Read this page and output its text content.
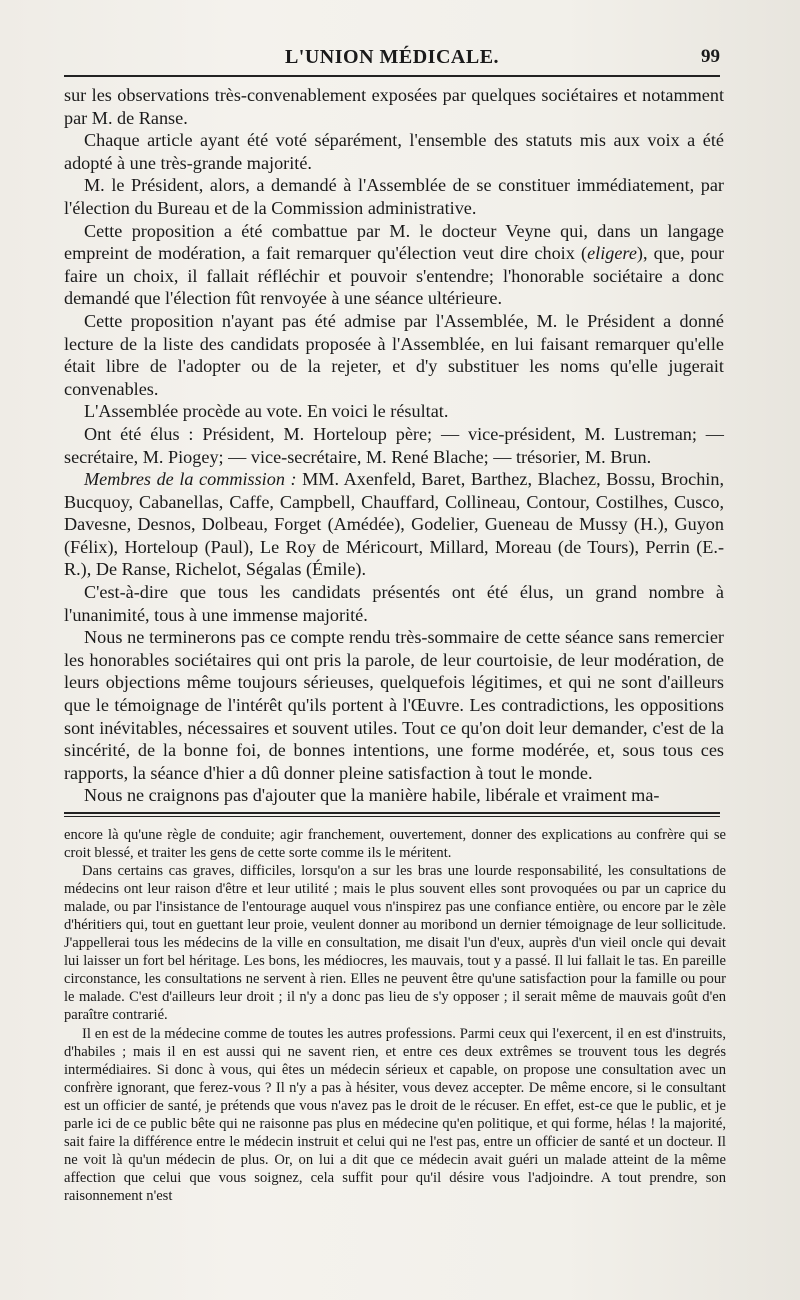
L'UNION MÉDICALE.	99

sur les observations très-convenablement exposées par quelques sociétaires et notamment par M. de Ranse.

Chaque article ayant été voté séparément, l'ensemble des statuts mis aux voix a été adopté à une très-grande majorité.

M. le Président, alors, a demandé à l'Assemblée de se constituer immédiatement, par l'élection du Bureau et de la Commission administrative.

Cette proposition a été combattue par M. le docteur Veyne qui, dans un langage empreint de modération, a fait remarquer qu'élection veut dire choix (eligere), que, pour faire un choix, il fallait réfléchir et pouvoir s'entendre; l'honorable sociétaire a donc demandé que l'élection fût renvoyée à une séance ultérieure.

Cette proposition n'ayant pas été admise par l'Assemblée, M. le Président a donné lecture de la liste des candidats proposée à l'Assemblée, en lui faisant remarquer qu'elle était libre de l'adopter ou de la rejeter, et d'y substituer les noms qu'elle jugerait convenables.

L'Assemblée procède au vote. En voici le résultat.

Ont été élus : Président, M. Horteloup père; — vice-président, M. Lustreman; — secrétaire, M. Piogey; — vice-secrétaire, M. René Blache; — trésorier, M. Brun.

Membres de la commission : MM. Axenfeld, Baret, Barthez, Blachez, Bossu, Brochin, Bucquoy, Cabanellas, Caffe, Campbell, Chauffard, Collineau, Contour, Costilhes, Cusco, Davesne, Desnos, Dolbeau, Forget (Amédée), Godelier, Gueneau de Mussy (H.), Guyon (Félix), Horteloup (Paul), Le Roy de Méricourt, Millard, Moreau (de Tours), Perrin (E.-R.), De Ranse, Richelot, Ségalas (Émile).

C'est-à-dire que tous les candidats présentés ont été élus, un grand nombre à l'unanimité, tous à une immense majorité.

Nous ne terminerons pas ce compte rendu très-sommaire de cette séance sans remercier les honorables sociétaires qui ont pris la parole, de leur courtoisie, de leur modération, de leurs objections même toujours sérieuses, quelquefois légitimes, et qui ne sont d'ailleurs que le témoignage de l'intérêt qu'ils portent à l'Œuvre. Les contradictions, les oppositions sont inévitables, nécessaires et souvent utiles. Tout ce qu'on doit leur demander, c'est de la sincérité, de la bonne foi, de bonnes intentions, une forme modérée, et, sous tous ces rapports, la séance d'hier a dû donner pleine satisfaction à tout le monde.

Nous ne craignons pas d'ajouter que la manière habile, libérale et vraiment ma-

encore là qu'une règle de conduite; agir franchement, ouvertement, donner des explications au confrère qui se croit blessé, et traiter les gens de cette sorte comme ils le méritent.

Dans certains cas graves, difficiles, lorsqu'on a sur les bras une lourde responsabilité, les consultations de médecins ont leur raison d'être et leur utilité ; mais le plus souvent elles sont provoquées ou par un caprice du malade, ou par l'insistance de l'entourage auquel vous n'inspirez pas une confiance entière, ou encore par le zèle d'héritiers qui, tout en guettant leur proie, veulent donner au moribond un dernier témoignage de leur sollicitude. J'appellerai tous les médecins de la ville en consultation, me disait l'un d'eux, auprès d'un vieil oncle qui devait lui laisser un fort bel héritage. Les bons, les médiocres, les mauvais, tout y a passé. Il lui fallait le tas. En pareille circonstance, les consultations ne servent à rien. Elles ne peuvent être qu'une satisfaction pour la famille ou pour le malade. C'est d'ailleurs leur droit ; il n'y a donc pas lieu de s'y opposer ; il serait même de mauvais goût d'en paraître contrarié.

Il en est de la médecine comme de toutes les autres professions. Parmi ceux qui l'exercent, il en est d'instruits, d'habiles ; mais il en est aussi qui ne savent rien, et entre ces deux extrêmes se trouvent tous les degrés intermédiaires. Si donc à vous, qui êtes un médecin sérieux et capable, on propose une consultation avec un confrère ignorant, que ferez-vous ? Il n'y a pas à hésiter, vous devez accepter. De même encore, si le consultant est un officier de santé, je prétends que vous n'avez pas le droit de le récuser. En effet, est-ce que le public, et je parle ici de ce public bête qui ne raisonne pas plus en médecine qu'en politique, et qui forme, hélas ! la majorité, sait faire la différence entre le médecin instruit et celui qui ne l'est pas, entre un officier de santé et un docteur. Il ne voit là qu'un médecin de plus. Or, on lui a dit que ce médecin avait guéri un malade atteint de la même affection que celui que vous soignez, cela suffit pour qu'il désire vous l'adjoindre. A tout prendre, son raisonnement n'est
